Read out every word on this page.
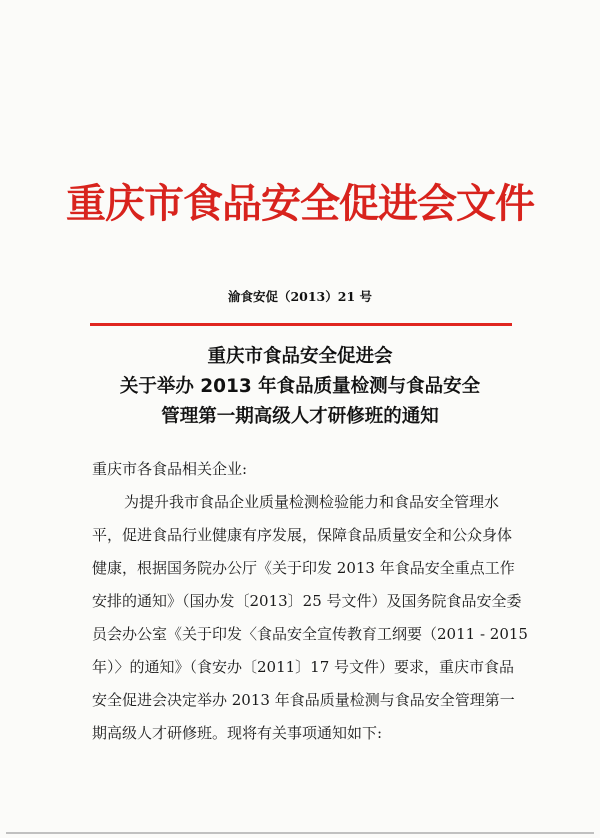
重庆市食品安全促进会文件
渝食安促（2013）21 号
重庆市食品安全促进会
关于举办 2013 年食品质量检测与食品安全
管理第一期高级人才研修班的通知
重庆市各食品相关企业:
为提升我市食品企业质量检测检验能力和食品安全管理水
平，促进食品行业健康有序发展，保障食品质量安全和公众身体
健康，根据国务院办公厅《关于印发 2013 年食品安全重点工作
安排的通知》（国办发〔2013〕25 号文件）及国务院食品安全委
员会办公室《关于印发〈食品安全宣传教育工纲要（2011 - 2015
年）〉的通知》（食安办〔2011〕17 号文件）要求，重庆市食品
安全促进会决定举办 2013 年食品质量检测与食品安全管理第一
期高级人才研修班。现将有关事项通知如下:
